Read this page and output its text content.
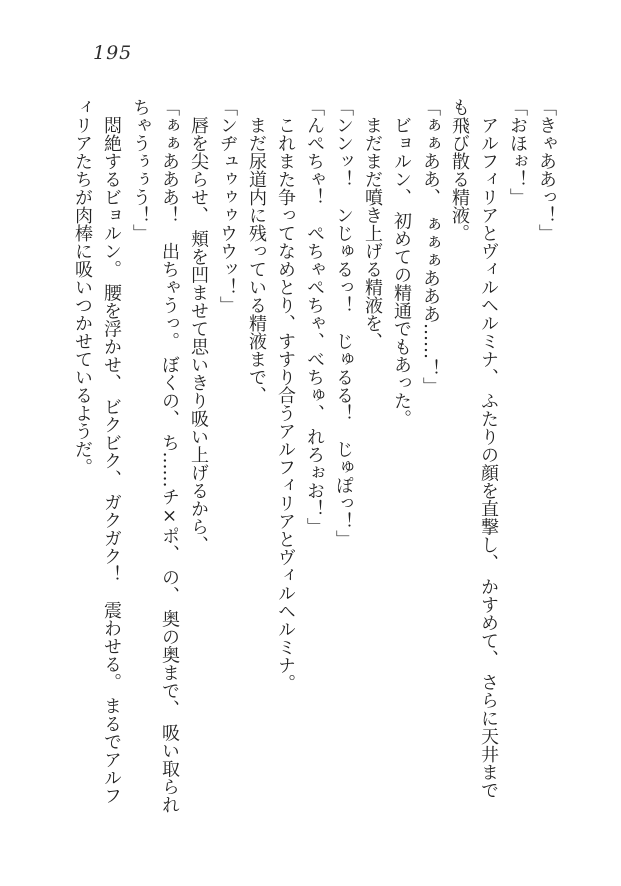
195
「きゃああっ！」
「おほぉ！」
アルフィリアとヴィルヘルミナ、 ふたりの顔を直撃し、 かすめて、 さらに天井まで
も飛び散る精液。
「ぁぁああ、　ぁぁぁあああ……！」
ビョルン、 初めての精通でもあった。
まだまだ噴き上げる精液を、
「ンンッ！　ンじゅるっ！　じゅるる！　じゅぽっ！」
「んぺちゃ！　ぺちゃぺちゃ、べちゅ、 れろぉお！」
これまた争ってなめとり、すすり合うアルフィリアとヴィルヘルミナ。
まだ尿道内に残っている精液まで、
「ンヂュゥゥゥウウッ！」
唇を尖らせ、 頬を凹ませて思いきり吸い上げるから、
「ぁぁあああ！　出ちゃうっ。 ぼくの、 ち……チ×ポ、 の、 奥の奥まで、 吸い取られ
ちゃうぅぅう！」
悶絶するビョルン。 腰を浮かせ、 ビクビク、 ガクガク！　震わせる。 まるでアルフ
ィリアたちが肉棒に吸いつかせているようだ。
